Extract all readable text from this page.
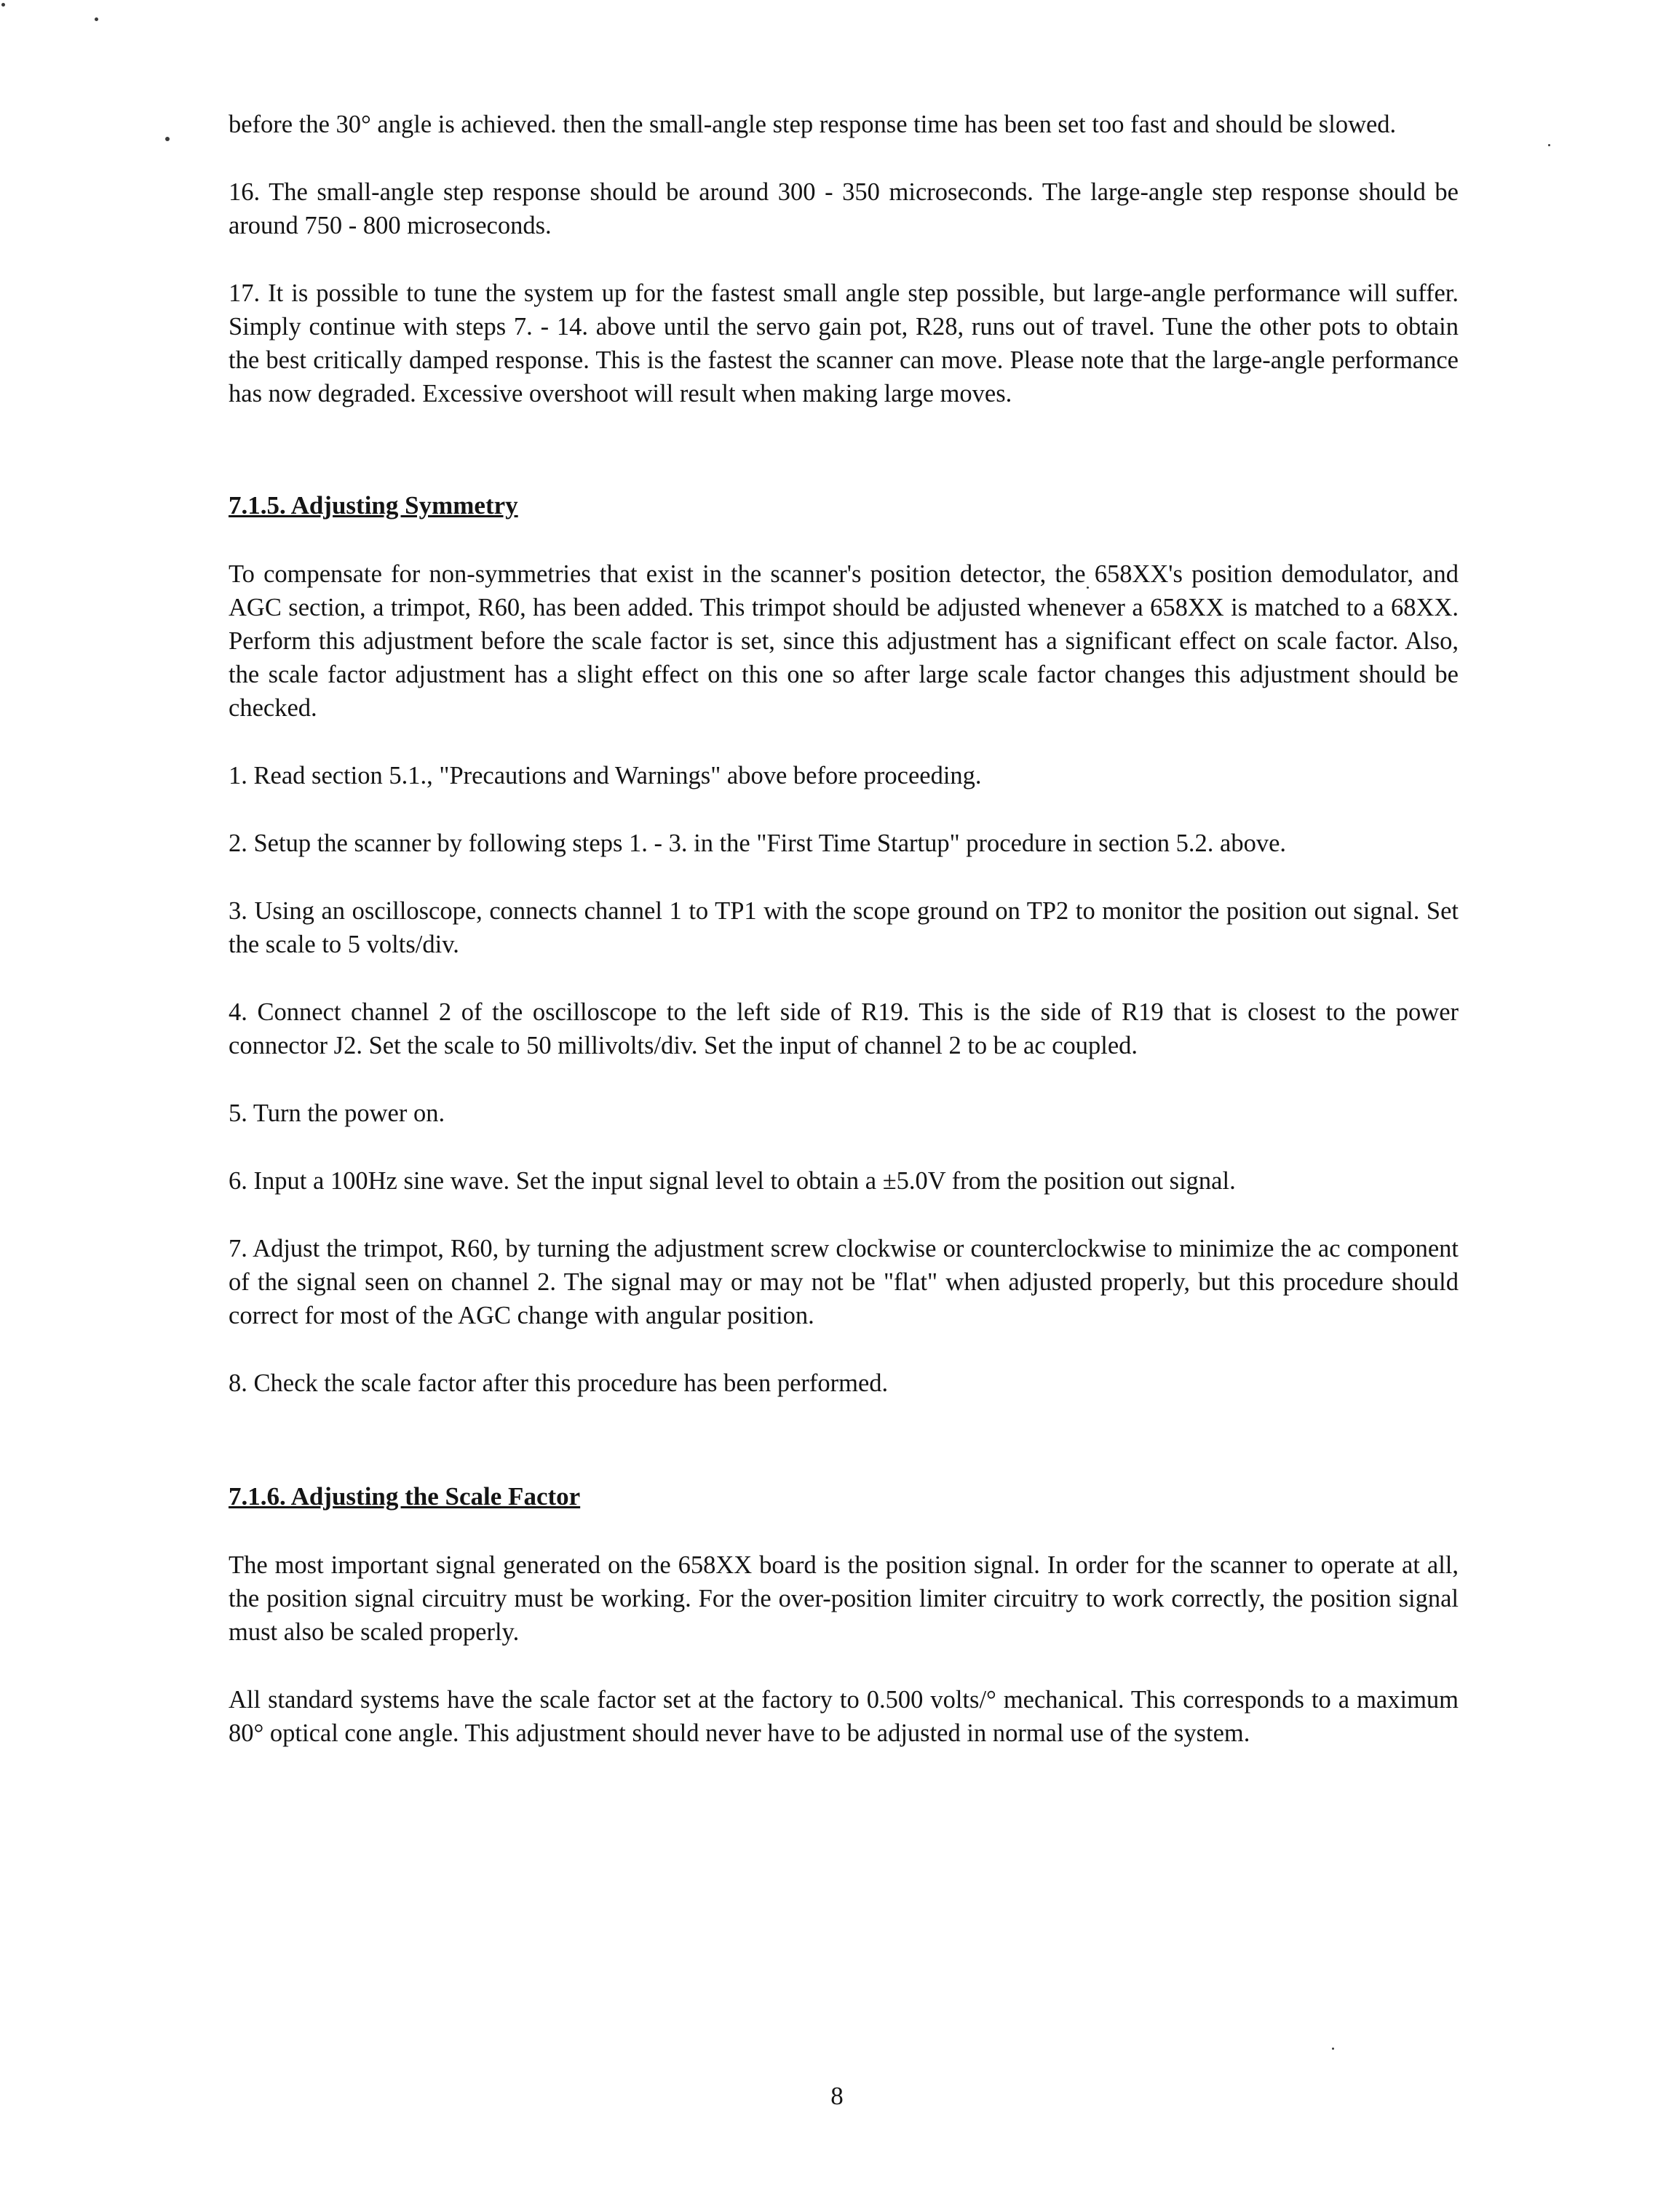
before the 30° angle is achieved. then the small-angle step response time has been set too fast and should be slowed.

16. The small-angle step response should be around 300 - 350 microseconds. The large-angle step response should be around 750 - 800 microseconds.

17. It is possible to tune the system up for the fastest small angle step possible, but large-angle performance will suffer. Simply continue with steps 7. - 14. above until the servo gain pot, R28, runs out of travel. Tune the other pots to obtain the best critically damped response. This is the fastest the scanner can move. Please note that the large-angle performance has now degraded. Excessive overshoot will result when making large moves.

7.1.5. Adjusting Symmetry

To compensate for non-symmetries that exist in the scanner's position detector, the 658XX's position demodulator, and AGC section, a trimpot, R60, has been added. This trimpot should be adjusted whenever a 658XX is matched to a 68XX. Perform this adjustment before the scale factor is set, since this adjustment has a significant effect on scale factor. Also, the scale factor adjustment has a slight effect on this one so after large scale factor changes this adjustment should be checked.

1. Read section 5.1., "Precautions and Warnings" above before proceeding.

2. Setup the scanner by following steps 1. - 3. in the "First Time Startup" procedure in section 5.2. above.

3. Using an oscilloscope, connects channel 1 to TP1 with the scope ground on TP2 to monitor the position out signal. Set the scale to 5 volts/div.

4. Connect channel 2 of the oscilloscope to the left side of R19. This is the side of R19 that is closest to the power connector J2. Set the scale to 50 millivolts/div. Set the input of channel 2 to be ac coupled.

5. Turn the power on.

6. Input a 100Hz sine wave. Set the input signal level to obtain a ±5.0V from the position out signal.

7. Adjust the trimpot, R60, by turning the adjustment screw clockwise or counterclockwise to minimize the ac component of the signal seen on channel 2. The signal may or may not be "flat" when adjusted properly, but this procedure should correct for most of the AGC change with angular position.

8. Check the scale factor after this procedure has been performed.

7.1.6. Adjusting the Scale Factor

The most important signal generated on the 658XX board is the position signal. In order for the scanner to operate at all, the position signal circuitry must be working. For the over-position limiter circuitry to work correctly, the position signal must also be scaled properly.

All standard systems have the scale factor set at the factory to 0.500 volts/° mechanical. This corresponds to a maximum 80° optical cone angle. This adjustment should never have to be adjusted in normal use of the system.

8
